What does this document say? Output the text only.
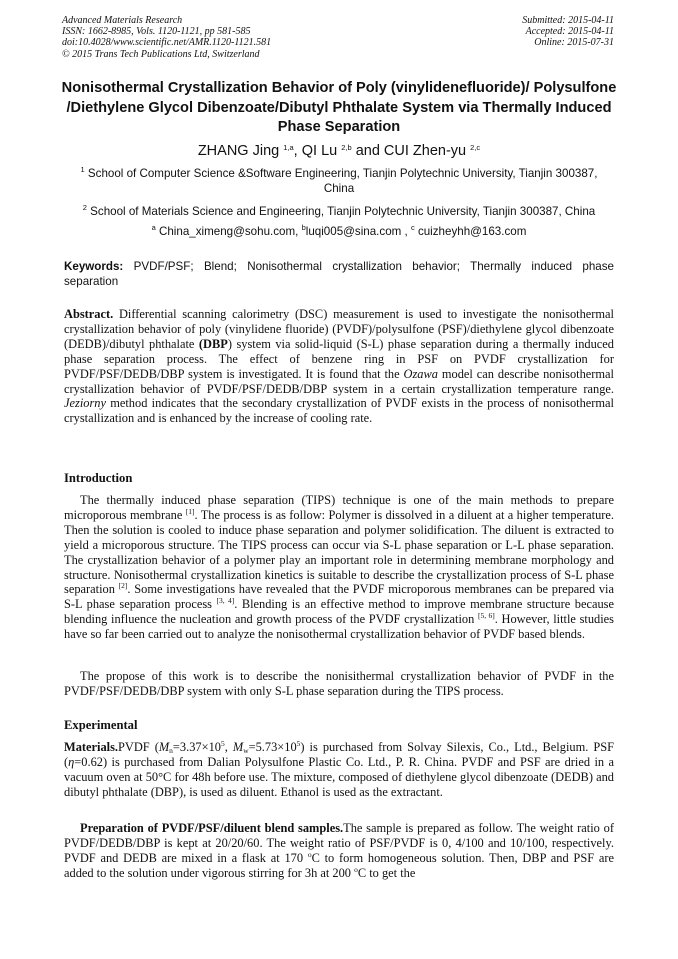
Advanced Materials Research
ISSN: 1662-8985, Vols. 1120-1121, pp 581-585
doi:10.4028/www.scientific.net/AMR.1120-1121.581
© 2015 Trans Tech Publications Ltd, Switzerland
Submitted: 2015-04-11
Accepted: 2015-04-11
Online: 2015-07-31
Nonisothermal Crystallization Behavior of Poly (vinylidenefluoride)/ Polysulfone /Diethylene Glycol Dibenzoate/Dibutyl Phthalate System via Thermally Induced Phase Separation
ZHANG Jing $^{1,a}$, QI Lu $^{2,b}$ and CUI Zhen-yu $^{2,c}$
$^1$ School of Computer Science &Software Engineering, Tianjin Polytechnic University, Tianjin 300387, China
$^2$ School of Materials Science and Engineering, Tianjin Polytechnic University, Tianjin 300387, China
$^a$ China_ximeng@sohu.com, $^b$luqi005@sina.com , $^c$ cuizheyhh@163.com
Keywords: PVDF/PSF; Blend; Nonisothermal crystallization behavior; Thermally induced phase separation
Abstract. Differential scanning calorimetry (DSC) measurement is used to investigate the nonisothermal crystallization behavior of poly (vinylidene fluoride) (PVDF)/polysulfone (PSF)/diethylene glycol dibenzoate (DEDB)/dibutyl phthalate (DBP) system via solid-liquid (S-L) phase separation during a thermally induced phase separation process. The effect of benzene ring in PSF on PVDF crystallization for PVDF/PSF/DEDB/DBP system is investigated. It is found that the Ozawa model can describe nonisothermal crystallization behavior of PVDF/PSF/DEDB/DBP system in a certain crystallization temperature range. Jeziorny method indicates that the secondary crystallization of PVDF exists in the process of nonisothermal crystallization and is enhanced by the increase of cooling rate.
Introduction

The thermally induced phase separation (TIPS) technique is one of the main methods to prepare microporous membrane [1]. The process is as follow: Polymer is dissolved in a diluent at a higher temperature. Then the solution is cooled to induce phase separation and polymer solidification. The diluent is extracted to yield a microporous structure. The TIPS process can occur via S-L phase separation or L-L phase separation. The crystallization behavior of a polymer play an important role in determining membrane morphology and structure. Nonisothermal crystallization kinetics is suitable to describe the crystallization process of S-L phase separation [2]. Some investigations have revealed that the PVDF microporous membranes can be prepared via S-L phase separation process [3, 4]. Blending is an effective method to improve membrane structure because blending influence the nucleation and growth process of the PVDF crystallization [5, 6]. However, little studies have so far been carried out to analyze the nonisothermal crystallization behavior of PVDF based blends.

The propose of this work is to describe the nonisithermal crystallization behavior of PVDF in the PVDF/PSF/DEDB/DBP system with only S-L phase separation during the TIPS process.

Experimental

Materials.PVDF ($M_n=3.37\times 10^5$, $M_w=5.73\times 10^5$) is purchased from Solvay Silexis, Co., Ltd., Belgium. PSF (η=0.62) is purchased from Dalian Polysulfone Plastic Co. Ltd., P. R. China. PVDF and PSF are dried in a vacuum oven at 50°C for 48h before use. The mixture, composed of diethylene glycol dibenzoate (DEDB) and dibutyl phthalate (DBP), is used as diluent. Ethanol is used as the extractant.

Preparation of PVDF/PSF/diluent blend samples.The sample is prepared as follow. The weight ratio of PVDF/DEDB/DBP is kept at 20/20/60. The weight ratio of PSF/PVDF is 0, 4/100 and 10/100, respectively. PVDF and DEDB are mixed in a flask at 170 $^o$C to form homogeneous solution. Then, DBP and PSF are added to the solution under vigorous stirring for 3h at 200 $^o$C to get the
